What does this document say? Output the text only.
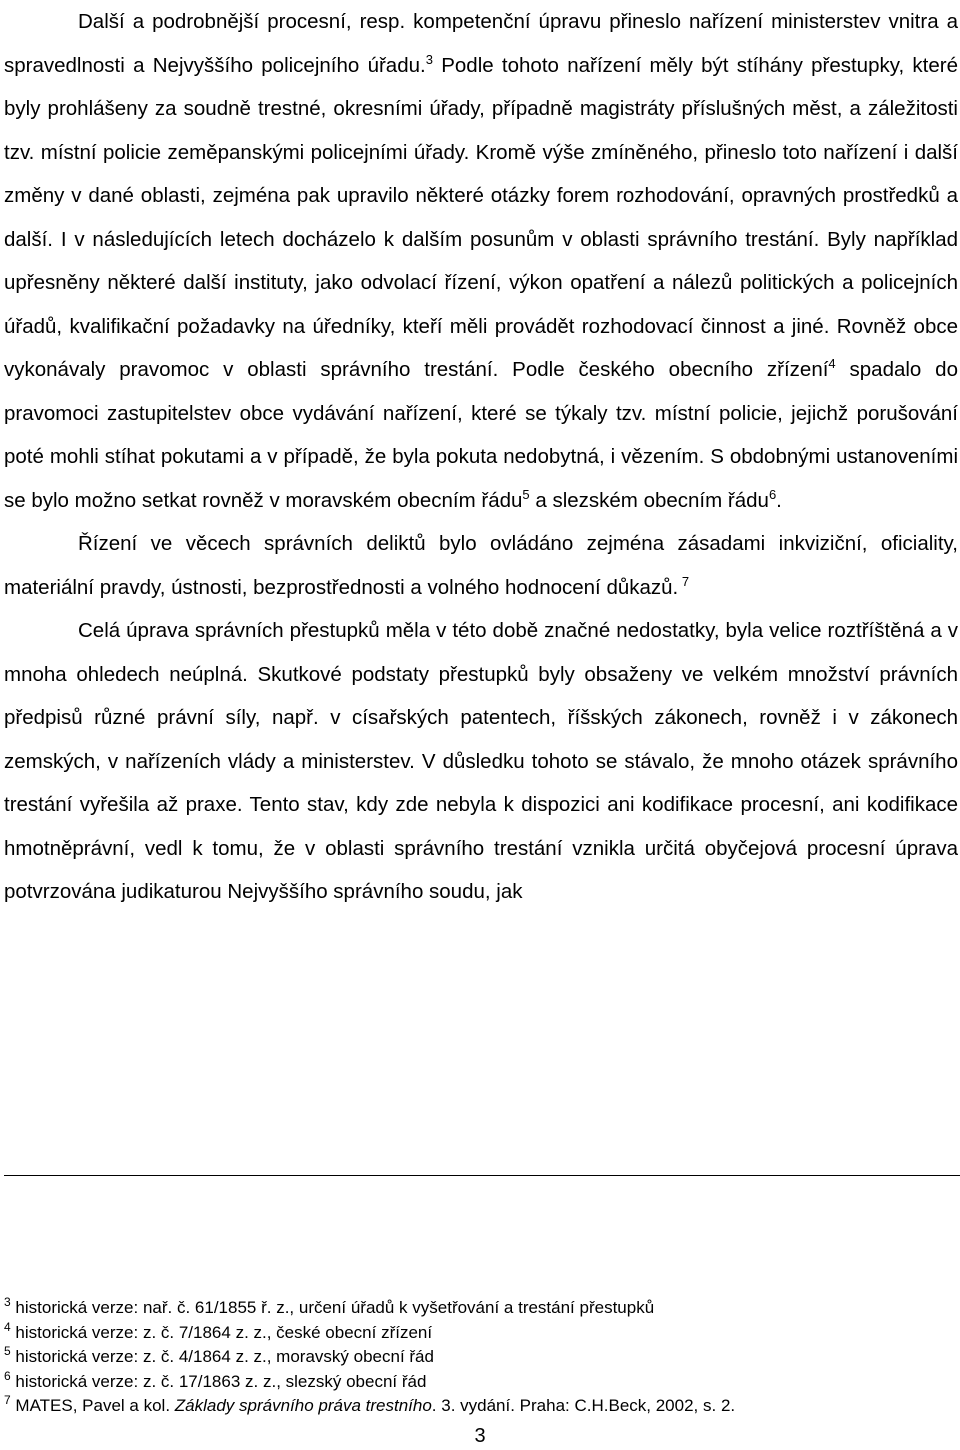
Další a podrobnější procesní, resp. kompetenční úpravu přineslo nařízení ministerstev vnitra a spravedlnosti a Nejvyššího policejního úřadu.$^3$ Podle tohoto nařízení měly být stíhány přestupky, které byly prohlášeny za soudně trestné, okresními úřady, případně magistráty příslušných měst, a záležitosti tzv. místní policie zeměpanskými policejními úřady. Kromě výše zmíněného, přineslo toto nařízení i další změny v dané oblasti, zejména pak upravilo některé otázky forem rozhodování, opravných prostředků a další. I v následujících letech docházelo k dalším posunům v oblasti správního trestání. Byly například upřesněny některé další instituty, jako odvolací řízení, výkon opatření a nálezů politických a policejních úřadů, kvalifikační požadavky na úředníky, kteří měli provádět rozhodovací činnost a jiné. Rovněž obce vykonávaly pravomoc v oblasti správního trestání. Podle českého obecního zřízení$^4$ spadalo do pravomoci zastupitelstev obce vydávání nařízení, které se týkaly tzv. místní policie, jejichž porušování poté mohli stíhat pokutami a v případě, že byla pokuta nedobytná, i vězením. S obdobnými ustanoveními se bylo možno setkat rovněž v moravském obecním řádu$^5$ a slezském obecním řádu$^6$.

Řízení ve věcech správních deliktů bylo ovládáno zejména zásadami inkviziční, oficiality, materiální pravdy, ústnosti, bezprostřednosti a volného hodnocení důkazů. $^7$

Celá úprava správních přestupků měla v této době značné nedostatky, byla velice roztříštěná a v mnoha ohledech neúplná. Skutkové podstaty přestupků byly obsaženy ve velkém množství právních předpisů různé právní síly, např. v císařských patentech, říšských zákonech, rovněž i v zákonech zemských, v nařízeních vlády a ministerstev. V důsledku tohoto se stávalo, že mnoho otázek správního trestání vyřešila až praxe. Tento stav, kdy zde nebyla k dispozici ani kodifikace procesní, ani kodifikace hmotněprávní, vedl k tomu, že v oblasti správního trestání vznikla určitá obyčejová procesní úprava potvrzována judikaturou Nejvyššího správního soudu, jak

$^3$ historická verze: nař. č. 61/1855 ř. z., určení úřadů k vyšetřování a trestání přestupků
$^4$ historická verze: z. č. 7/1864 z. z., české obecní zřízení
$^5$ historická verze: z. č. 4/1864 z. z., moravský obecní řád
$^6$ historická verze: z. č. 17/1863 z. z., slezský obecní řád
$^7$ MATES, Pavel a kol. Základy správního práva trestního. 3. vydání. Praha: C.H.Beck, 2002, s. 2.
3
